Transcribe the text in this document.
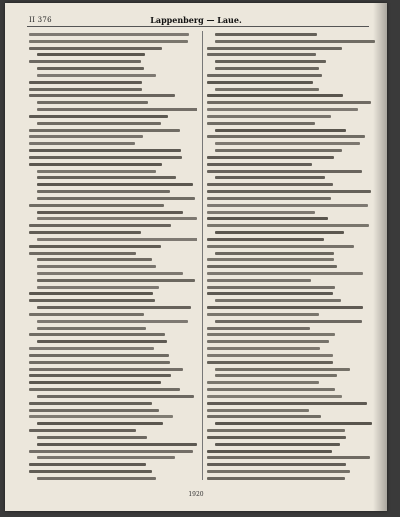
II 376	Lappenberg — Laue.
1920
